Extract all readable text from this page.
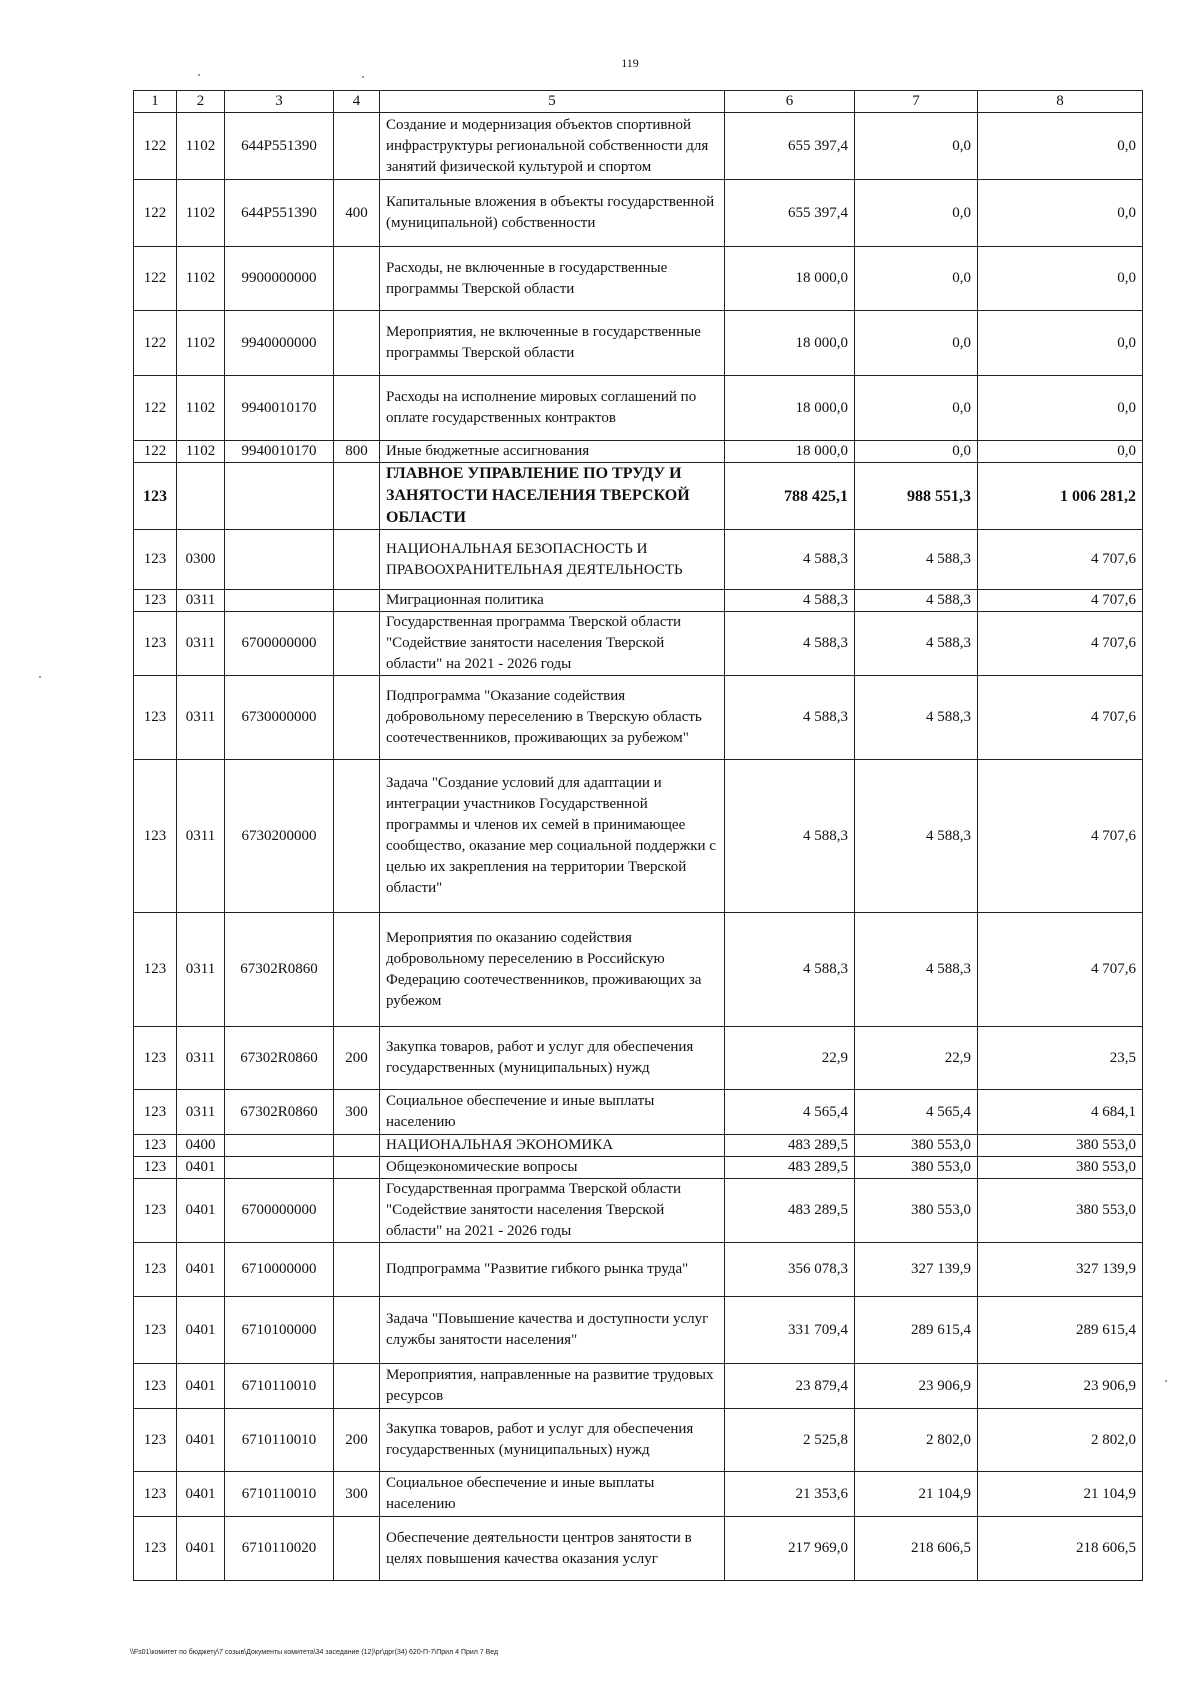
119
1	2	3	4	5	6	7	8
122	1102	644P551390		Создание и модернизация объектов спортивной инфраструктуры региональной собственности для занятий физической культурой и спортом	655 397,4	0,0	0,0
122	1102	644P551390	400	Капитальные вложения в объекты государственной (муниципальной) собственности	655 397,4	0,0	0,0
122	1102	9900000000		Расходы, не включенные в государственные программы Тверской области	18 000,0	0,0	0,0
122	1102	9940000000		Мероприятия, не включенные в государственные программы Тверской области	18 000,0	0,0	0,0
122	1102	9940010170		Расходы на исполнение мировых соглашений по оплате государственных контрактов	18 000,0	0,0	0,0
122	1102	9940010170	800	Иные бюджетные ассигнования	18 000,0	0,0	0,0
123				ГЛАВНОЕ УПРАВЛЕНИЕ ПО ТРУДУ И ЗАНЯТОСТИ НАСЕЛЕНИЯ ТВЕРСКОЙ ОБЛАСТИ	788 425,1	988 551,3	1 006 281,2
123	0300			НАЦИОНАЛЬНАЯ БЕЗОПАСНОСТЬ И ПРАВООХРАНИТЕЛЬНАЯ ДЕЯТЕЛЬНОСТЬ	4 588,3	4 588,3	4 707,6
123	0311			Миграционная политика	4 588,3	4 588,3	4 707,6
123	0311	6700000000		Государственная программа Тверской области "Содействие занятости населения Тверской области" на 2021 - 2026 годы	4 588,3	4 588,3	4 707,6
123	0311	6730000000		Подпрограмма "Оказание содействия добровольному переселению в Тверскую область соотечественников, проживающих за рубежом"	4 588,3	4 588,3	4 707,6
123	0311	6730200000		Задача "Создание условий для адаптации и интеграции участников Государственной программы и членов их семей в принимающее сообщество, оказание мер социальной поддержки с целью их закрепления на территории Тверской области"	4 588,3	4 588,3	4 707,6
123	0311	67302R0860		Мероприятия по оказанию содействия добровольному переселению в Российскую Федерацию соотечественников, проживающих за рубежом	4 588,3	4 588,3	4 707,6
123	0311	67302R0860	200	Закупка товаров, работ и услуг для обеспечения государственных (муниципальных) нужд	22,9	22,9	23,5
123	0311	67302R0860	300	Социальное обеспечение и иные выплаты населению	4 565,4	4 565,4	4 684,1
123	0400			НАЦИОНАЛЬНАЯ ЭКОНОМИКА	483 289,5	380 553,0	380 553,0
123	0401			Общеэкономические вопросы	483 289,5	380 553,0	380 553,0
123	0401	6700000000		Государственная программа Тверской области "Содействие занятости населения Тверской области" на 2021 - 2026 годы	483 289,5	380 553,0	380 553,0
123	0401	6710000000		Подпрограмма "Развитие гибкого рынка труда"	356 078,3	327 139,9	327 139,9
123	0401	6710100000		Задача "Повышение качества и доступности услуг службы занятости населения"	331 709,4	289 615,4	289 615,4
123	0401	6710110010		Мероприятия, направленные на развитие трудовых ресурсов	23 879,4	23 906,9	23 906,9
123	0401	6710110010	200	Закупка товаров, работ и услуг для обеспечения государственных (муниципальных) нужд	2 525,8	2 802,0	2 802,0
123	0401	6710110010	300	Социальное обеспечение и иные выплаты населению	21 353,6	21 104,9	21 104,9
123	0401	6710110020		Обеспечение деятельности центров занятости в целях повышения качества оказания услуг	217 969,0	218 606,5	218 606,5
\\Fs01\комитет по бюджету\7 созыв\Документы комитета\34 заседание (12)\рг\дрг(34) 620-П-7\Прил 4 Прил 7 Вед
